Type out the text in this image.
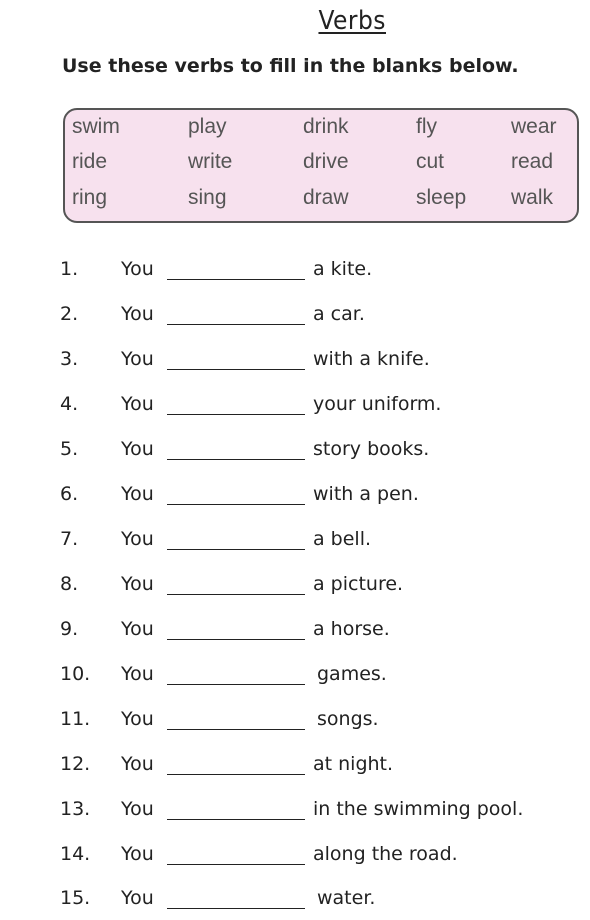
Verbs
Use these verbs to fill in the blanks below.
swim	play	drink	fly	wear
ride	write	drive	cut	read
ring	sing	draw	sleep walk
1. You	a kite.
2. You	a car.
3. You	with a knife.
4. You	your uniform.
5. You	story books.
6. You	with a pen.
7. You	a bell.
8. You	a picture.
9. You	a horse.
10. You	games.
11. You	songs.
12. You	at night.
13. You	in the swimming pool.
14. You	along the road.
15. You	water.
